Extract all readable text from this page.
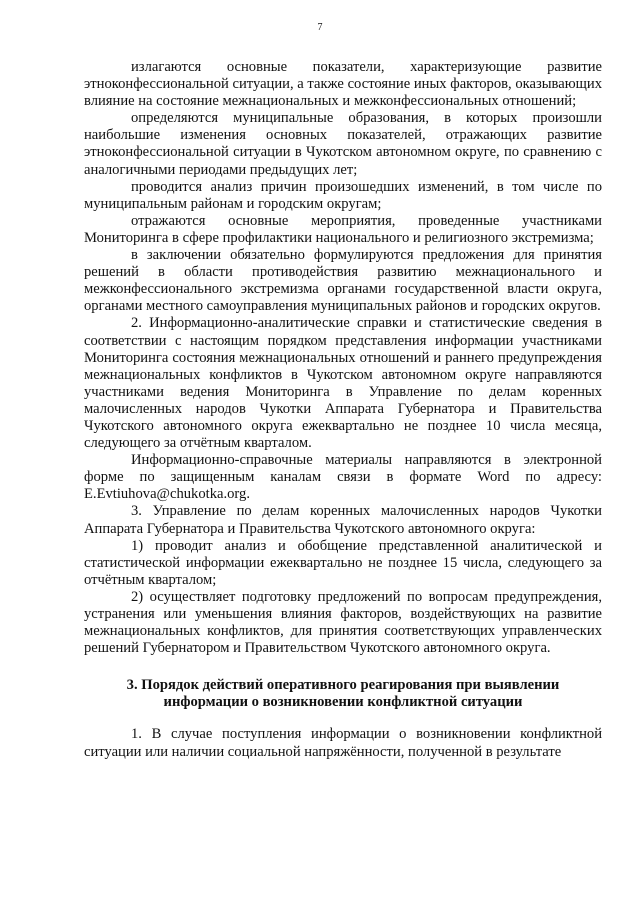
7

излагаются основные показатели, характеризующие развитие этноконфессиональной ситуации, а также состояние иных факторов, оказывающих влияние на состояние межнациональных и межконфессиональных отношений;

определяются муниципальные образования, в которых произошли наибольшие изменения основных показателей, отражающих развитие этноконфессиональной ситуации в Чукотском автономном округе, по сравнению с аналогичными периодами предыдущих лет;

проводится анализ причин произошедших изменений, в том числе по муниципальным районам и городским округам;

отражаются основные мероприятия, проведенные участниками Мониторинга в сфере профилактики национального и религиозного экстремизма;

в заключении обязательно формулируются предложения для принятия решений в области противодействия развитию межнационального и межконфессионального экстремизма органами государственной власти округа, органами местного самоуправления муниципальных районов и городских округов.

2. Информационно-аналитические справки и статистические сведения в соответствии с настоящим порядком представления информации участниками Мониторинга состояния межнациональных отношений и раннего предупреждения межнациональных конфликтов в Чукотском автономном округе направляются участниками ведения Мониторинга в Управление по делам коренных малочисленных народов Чукотки Аппарата Губернатора и Правительства Чукотского автономного округа ежеквартально не позднее 10 числа месяца, следующего за отчётным кварталом.

Информационно-справочные материалы направляются в электронной форме по защищенным каналам связи в формате Word по адресу: E.Evtiuhova@chukotka.org.

3. Управление по делам коренных малочисленных народов Чукотки Аппарата Губернатора и Правительства Чукотского автономного округа:

1) проводит анализ и обобщение представленной аналитической и статистической информации ежеквартально не позднее 15 числа, следующего за отчётным кварталом;

2) осуществляет подготовку предложений по вопросам предупреждения, устранения или уменьшения влияния факторов, воздействующих на развитие межнациональных конфликтов, для принятия соответствующих управленческих решений Губернатором и Правительством Чукотского автономного округа.

3. Порядок действий оперативного реагирования при выявлении
информации о возникновении конфликтной ситуации

1. В случае поступления информации о возникновении конфликтной ситуации или наличии социальной напряжённости, полученной в результате
